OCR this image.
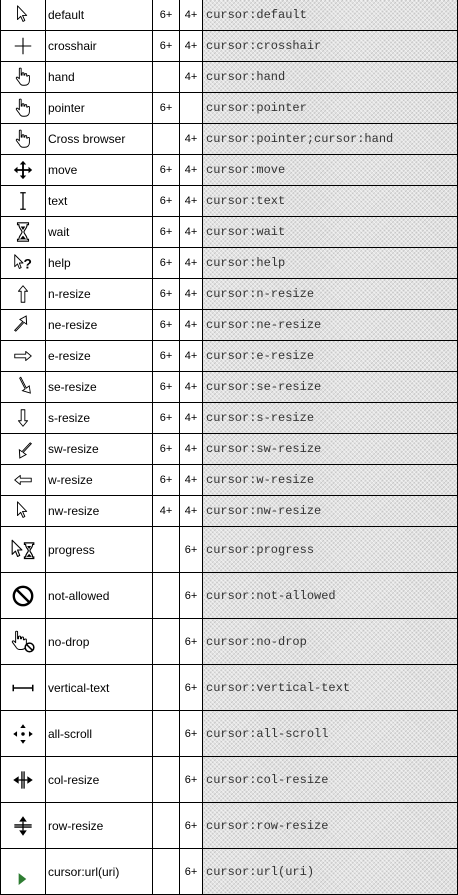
	default	6+	4+	cursor:default

	crosshair	6+	4+	cursor:crosshair

	hand		4+	cursor:hand

	pointer	6+		cursor:pointer

	Cross browser		4+	cursor:pointer;cursor:hand

	move	6+	4+	cursor:move

	text	6+	4+	cursor:text

	wait	6+	4+	cursor:wait

?	help	6+	4+	cursor:help

	n-resize	6+	4+	cursor:n-resize

	ne-resize	6+	4+	cursor:ne-resize

	e-resize	6+	4+	cursor:e-resize

	se-resize	6+	4+	cursor:se-resize

	s-resize	6+	4+	cursor:s-resize

	sw-resize	6+	4+	cursor:sw-resize

	w-resize	6+	4+	cursor:w-resize

	nw-resize	4+	4+	cursor:nw-resize

	progress		6+	cursor:progress

	not-allowed		6+	cursor:not-allowed

	no-drop		6+	cursor:no-drop

	vertical-text		6+	cursor:vertical-text

	all-scroll		6+	cursor:all-scroll

	col-resize		6+	cursor:col-resize

	row-resize		6+	cursor:row-resize

	cursor:url(uri)		6+	cursor:url(uri)
